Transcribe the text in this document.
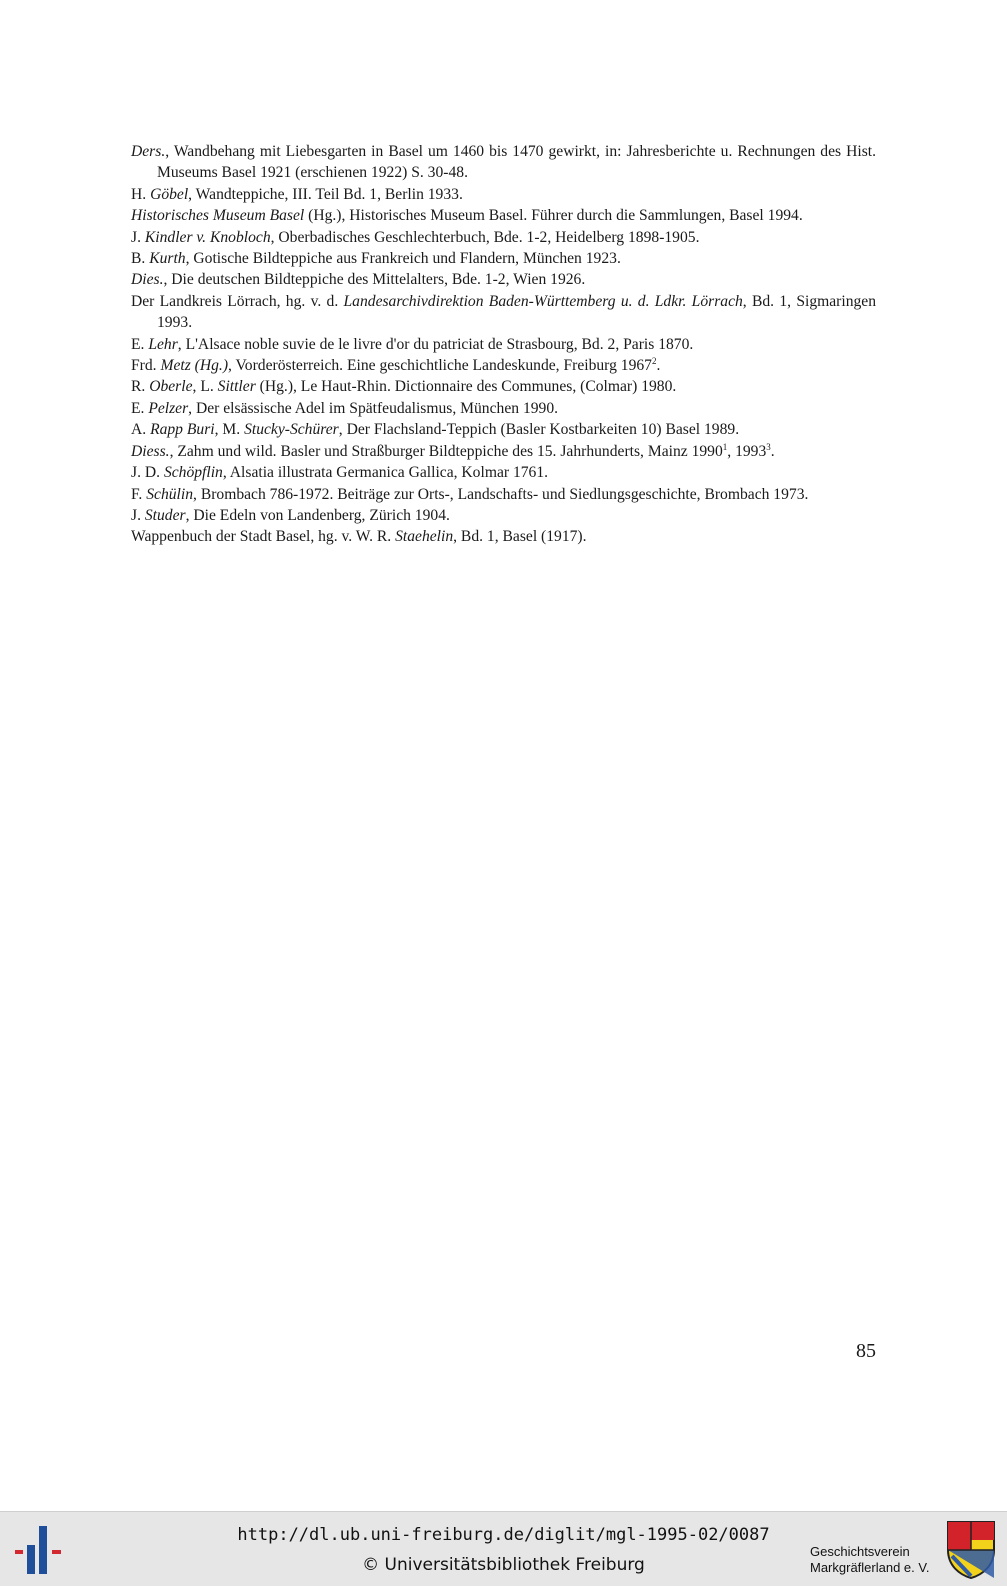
Ders., Wandbehang mit Liebesgarten in Basel um 1460 bis 1470 gewirkt, in: Jahresberichte u. Rechnungen des Hist. Museums Basel 1921 (erschienen 1922) S. 30-48.
H. Göbel, Wandteppiche, III. Teil Bd. 1, Berlin 1933.
Historisches Museum Basel (Hg.), Historisches Museum Basel. Führer durch die Sammlungen, Basel 1994.
J. Kindler v. Knobloch, Oberbadisches Geschlechterbuch, Bde. 1-2, Heidelberg 1898-1905.
B. Kurth, Gotische Bildteppiche aus Frankreich und Flandern, München 1923.
Dies., Die deutschen Bildteppiche des Mittelalters, Bde. 1-2, Wien 1926.
Der Landkreis Lörrach, hg. v. d. Landesarchivdirektion Baden-Württemberg u. d. Ldkr. Lörrach, Bd. 1, Sigmaringen 1993.
E. Lehr, L'Alsace noble suvie de le livre d'or du patriciat de Strasbourg, Bd. 2, Paris 1870.
Frd. Metz (Hg.), Vorderösterreich. Eine geschichtliche Landeskunde, Freiburg 1967$^2$.
R. Oberle, L. Sittler (Hg.), Le Haut-Rhin. Dictionnaire des Communes, (Colmar) 1980.
E. Pelzer, Der elsässische Adel im Spätfeudalismus, München 1990.
A. Rapp Buri, M. Stucky-Schürer, Der Flachsland-Teppich (Basler Kostbarkeiten 10) Basel 1989.
Diess., Zahm und wild. Basler und Straßburger Bildteppiche des 15. Jahrhunderts, Mainz 1990$^1$, 1993$^3$.
J. D. Schöpflin, Alsatia illustrata Germanica Gallica, Kolmar 1761.
F. Schülin, Brombach 786-1972. Beiträge zur Orts-, Landschafts- und Siedlungsgeschichte, Brombach 1973.
J. Studer, Die Edeln von Landenberg, Zürich 1904.
Wappenbuch der Stadt Basel, hg. v. W. R. Staehelin, Bd. 1, Basel (1917).
85
http://dl.ub.uni-freiburg.de/diglit/mgl-1995-02/0087
© Universitätsbibliothek Freiburg
Geschichtsverein
Markgräflerland e. V.
